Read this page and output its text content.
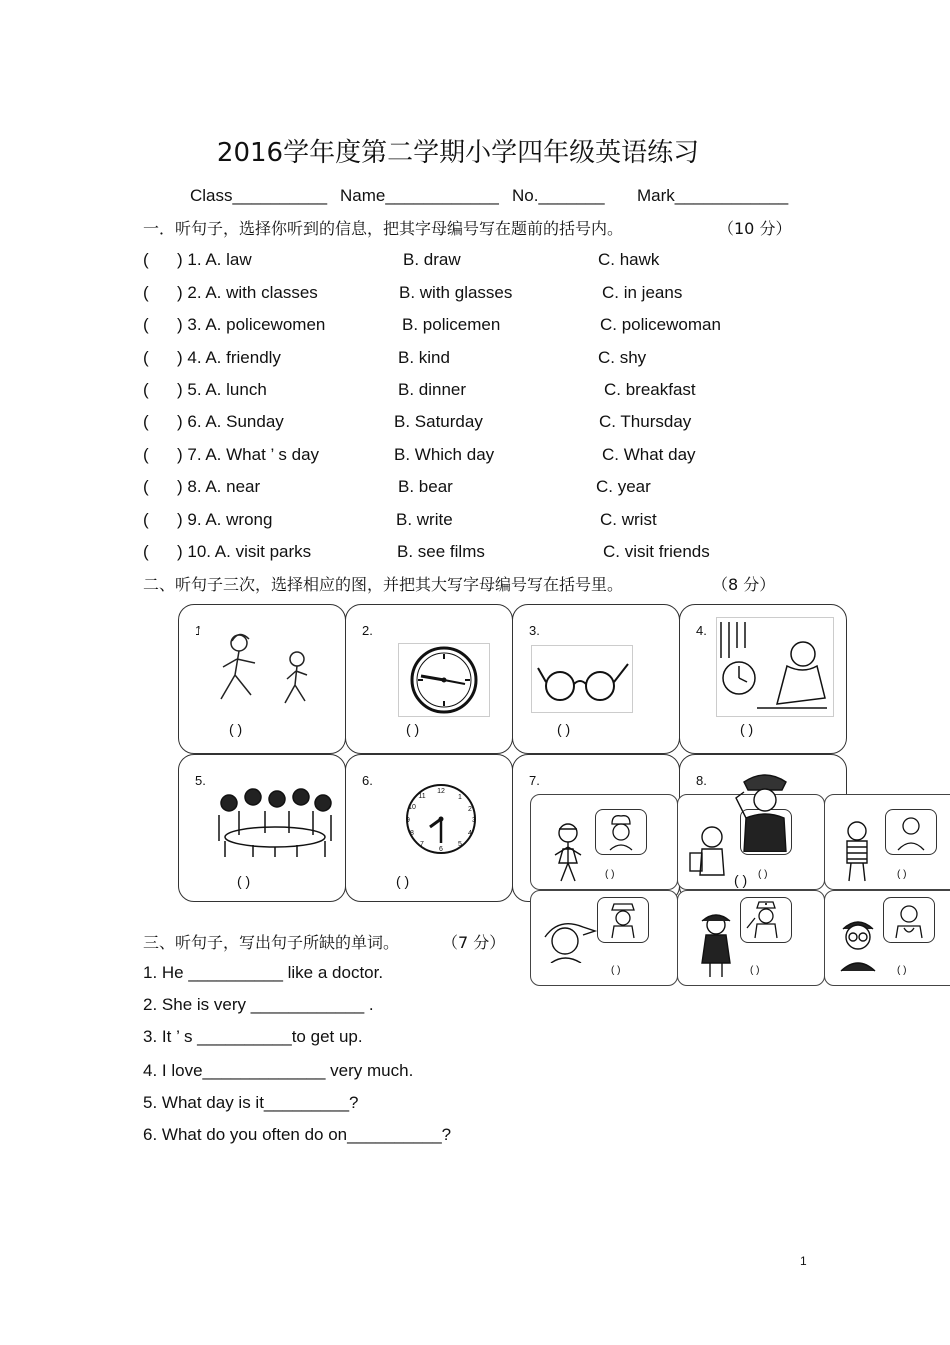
2016学年度第二学期小学四年级英语练习
Class__________ Name____________ No._______ Mark____________
一．听句子，选择你听到的信息，把其字母编号写在题前的括号内。	（10 分）
( ) 1. A. law	B. draw	C. hawk
( ) 2. A. with classes	B. with glasses	C. in jeans
( ) 3. A. policewomen	B. policemen	C. policewoman
( ) 4. A. friendly	B. kind	C. shy
( ) 5. A. lunch	B. dinner	C. breakfast
( ) 6. A. Sunday	B. Saturday	C. Thursday
( ) 7. A. What ’ s day	B. Which day	C. What day
( ) 8. A. near	B. bear	C. year
( ) 9. A. wrong	B. write	C. wrist
( ) 10. A. visit parks	B. see films	C. visit friends
二、听句子三次，选择相应的图，并把其大写字母编号写在括号里。	（8 分）
1.
( )
2.
( )
3.
( )
4.
( )
5.
( )
6.
12
1
2
3
4
5
6
7
8
9
10
11
( )
7.	8.
( )	( )	( )
( )
( )	( )	( )
三、听句子，写出句子所缺的单词。	（7 分）
1. He __________ like a doctor.
2. She is very ____________ .
3. It ’ s __________to get up.
4. I love_____________ very much.
5. What day is it_________?
6. What do you often do on__________?
1
